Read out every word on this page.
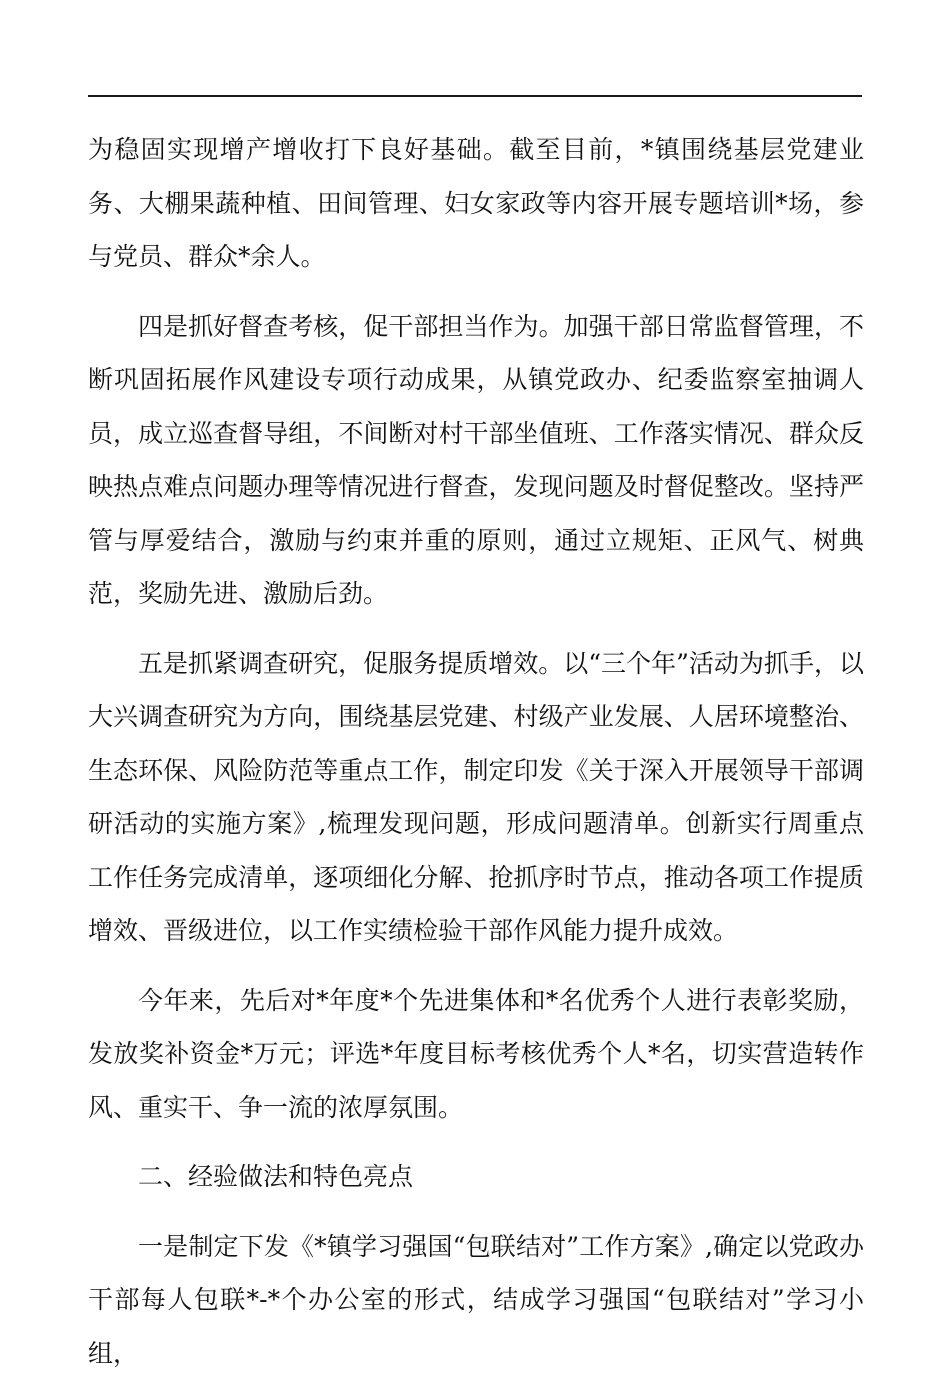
为稳固实现增产增收打下良好基础。截至目前，*镇围绕基层党建业务、大棚果蔬种植、田间管理、妇女家政等内容开展专题培训*场，参与党员、群众*余人。

四是抓好督查考核，促干部担当作为。加强干部日常监督管理，不断巩固拓展作风建设专项行动成果，从镇党政办、纪委监察室抽调人员，成立巡查督导组，不间断对村干部坐值班、工作落实情况、群众反映热点难点问题办理等情况进行督查，发现问题及时督促整改。坚持严管与厚爱结合，激励与约束并重的原则，通过立规矩、正风气、树典范，奖励先进、激励后劲。

五是抓紧调查研究，促服务提质增效。以“三个年”活动为抓手，以大兴调查研究为方向，围绕基层党建、村级产业发展、人居环境整治、生态环保、风险防范等重点工作，制定印发《关于深入开展领导干部调研活动的实施方案》,梳理发现问题，形成问题清单。创新实行周重点工作任务完成清单，逐项细化分解、抢抓序时节点，推动各项工作提质增效、晋级进位，以工作实绩检验干部作风能力提升成效。

今年来，先后对*年度*个先进集体和*名优秀个人进行表彰奖励，发放奖补资金*万元；评选*年度目标考核优秀个人*名，切实营造转作风、重实干、争一流的浓厚氛围。

二、经验做法和特色亮点

一是制定下发《*镇学习强国“包联结对”工作方案》,确定以党政办干部每人包联*-*个办公室的形式，结成学习强国“包联结对”学习小组，
